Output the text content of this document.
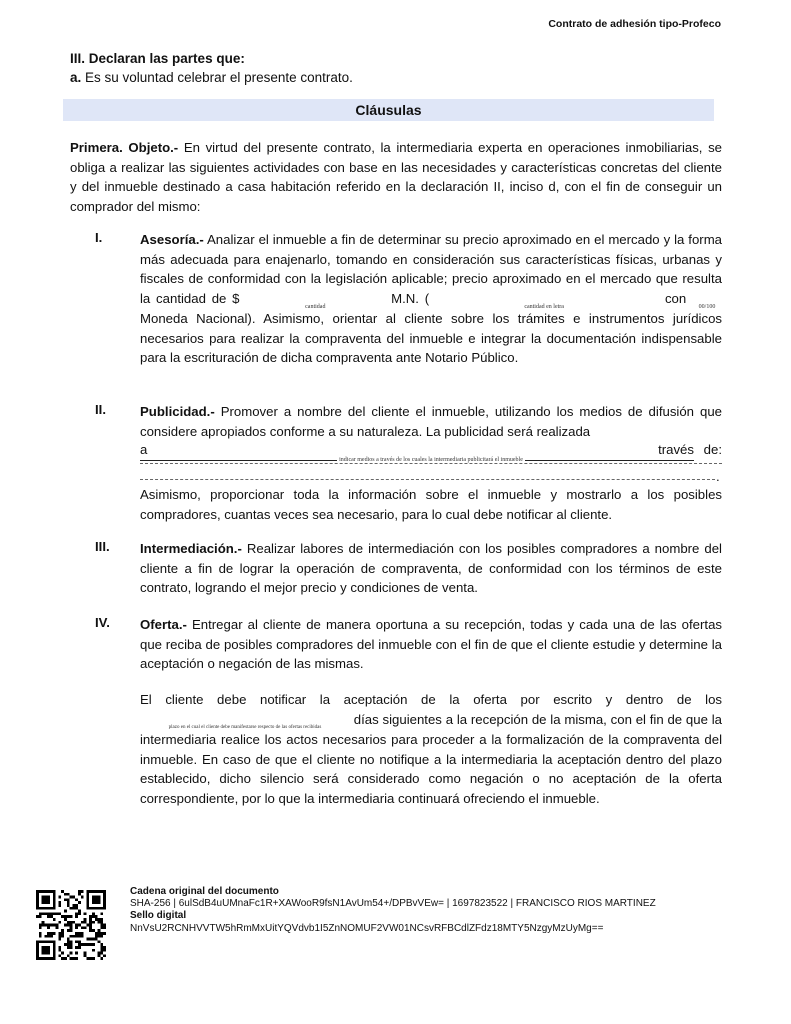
Contrato de adhesión tipo-Profeco
III. Declaran las partes que:
a. Es su voluntad celebrar el presente contrato.
Cláusulas
Primera. Objeto.- En virtud del presente contrato, la intermediaria experta en operaciones inmobiliarias, se obliga a realizar las siguientes actividades con base en las necesidades y características concretas del cliente y del inmueble destinado a casa habitación referido en la declaración II, inciso d, con el fin de conseguir un comprador del mismo:
I.	Asesoría.- Analizar el inmueble a fin de determinar su precio aproximado en el mercado y la forma más adecuada para enajenarlo, tomando en consideración sus características físicas, urbanas y fiscales de conformidad con la legislación aplicable; precio aproximado en el mercado que resulta la cantidad de $
cantidad
M.N. (
cantidad en letra
con
00/100
Moneda Nacional). Asimismo, orientar al cliente sobre los trámites e instrumentos jurídicos necesarios para realizar la compraventa del inmueble e integrar la documentación indispensable para la escrituración de dicha compraventa ante Notario Público.
II.	Publicidad.- Promover a nombre del cliente el inmueble, utilizando los medios de difusión que considere apropiados conforme a su naturaleza. La publicidad será realizada
a	través de:
indicar medios a través de los cuales la intermediaria publicitará el inmueble
.
Asimismo, proporcionar toda la información sobre el inmueble y mostrarlo a los posibles compradores, cuantas veces sea necesario, para lo cual debe notificar al cliente.
III. Intermediación.- Realizar labores de intermediación con los posibles compradores a nombre del cliente a fin de lograr la operación de compraventa, de conformidad con los términos de este contrato, logrando el mejor precio y condiciones de venta.
IV. Oferta.- Entregar al cliente de manera oportuna a su recepción, todas y cada una de las ofertas que reciba de posibles compradores del inmueble con el fin de que el cliente estudie y determine la aceptación o negación de las mismas.
El cliente debe notificar la aceptación de la oferta por escrito y dentro de los
plazo en el cual el cliente debe manifestarse respecto de las ofertas recibidas
días siguientes a la recepción de la misma, con el fin de que la intermediaria realice los actos necesarios para proceder a la formalización de la compraventa del inmueble. En caso de que el cliente no notifique a la intermediaria la aceptación dentro del plazo establecido, dicho silencio será considerado como negación o no aceptación de la oferta correspondiente, por lo que la intermediaria continuará ofreciendo el inmueble.
Cadena original del documento
SHA-256 | 6ulSdB4uUMnaFc1R+XAWooR9fsN1AvUm54+/DPBvVEw= | 1697823522 | FRANCISCO RIOS MARTINEZ
Sello digital
NnVsU2RCNHVVTW5hRmMxUitYQVdvb1I5ZnNOMUF2VW01NCsvRFBCdlZFdz18MTY5NzgyMzUyMg==
